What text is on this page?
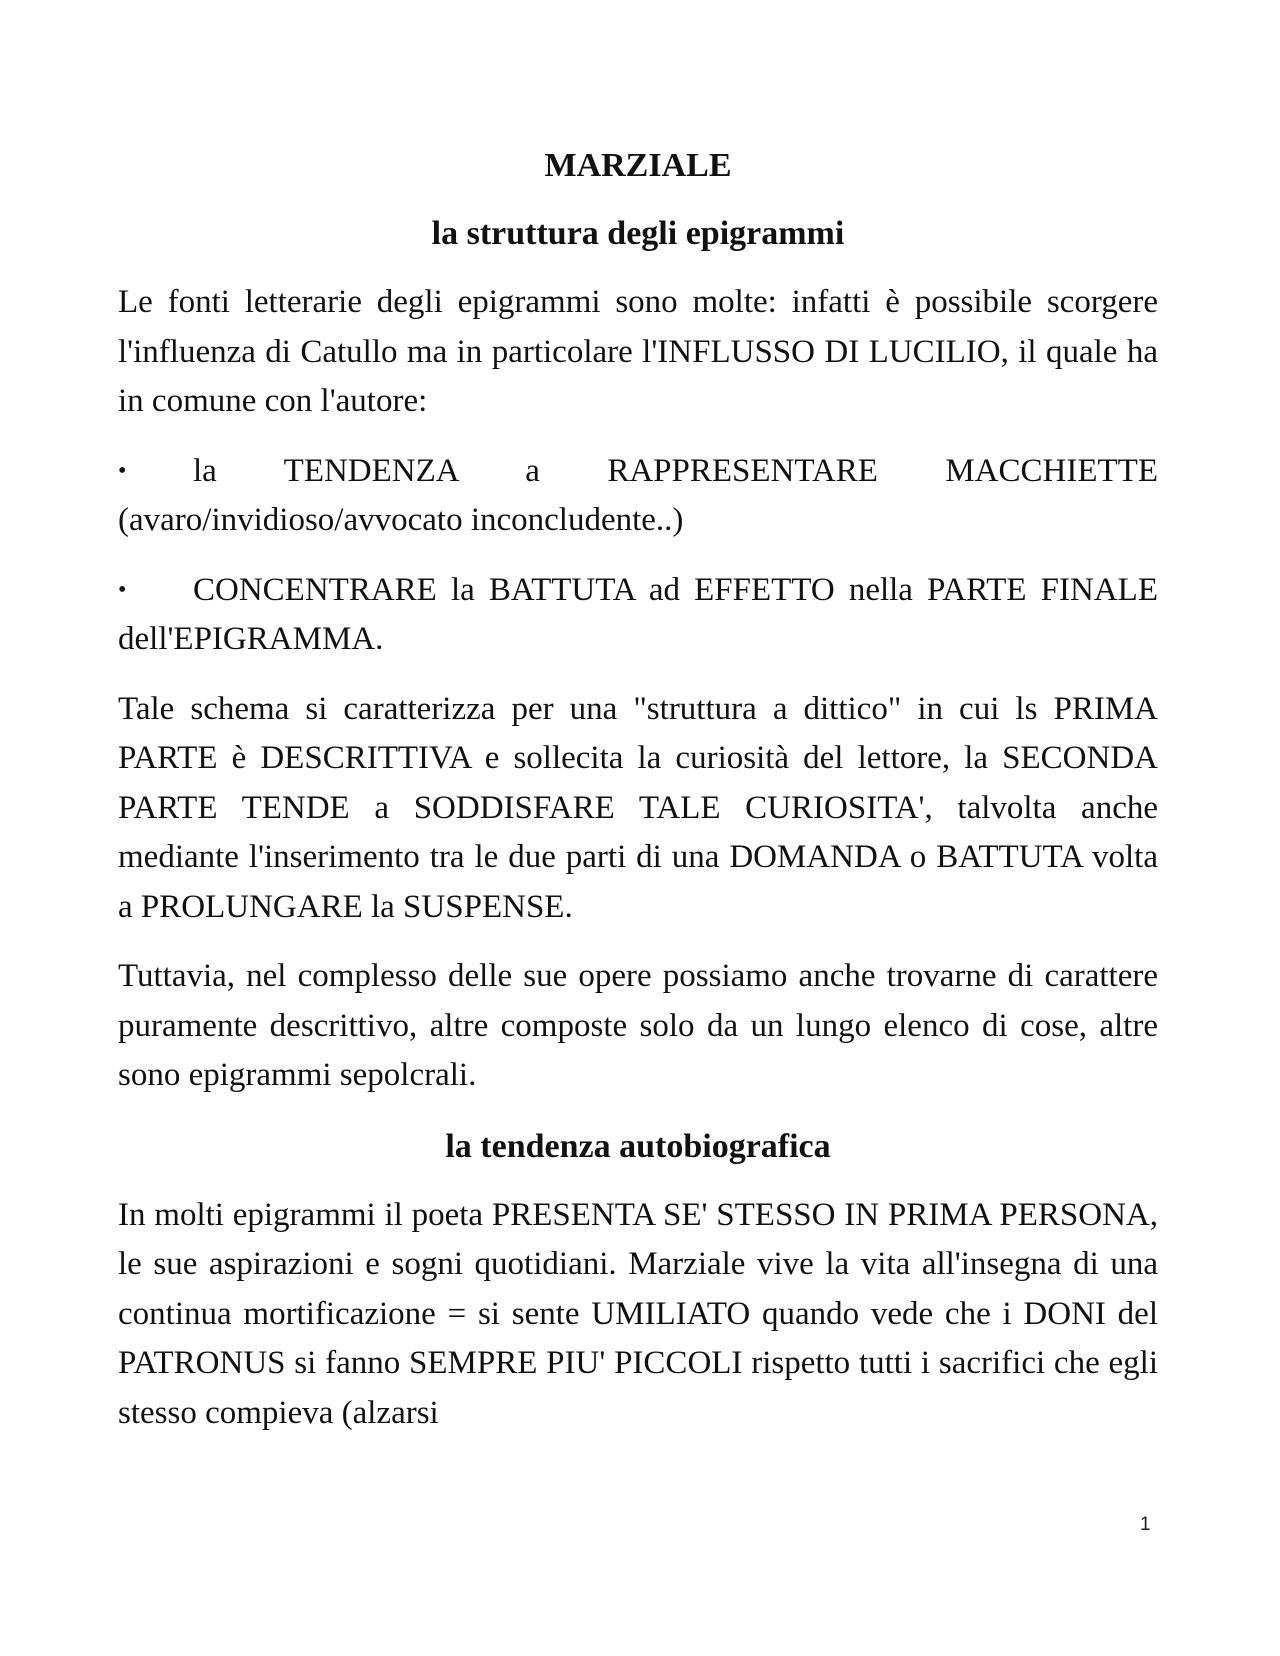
MARZIALE
la struttura degli epigrammi

Le fonti letterarie degli epigrammi sono molte: infatti è possibile scorgere l'influenza di Catullo ma in particolare l'INFLUSSO DI LUCILIO, il quale ha in comune con l'autore:

• la TENDENZA a RAPPRESENTARE MACCHIETTE (avaro/invidioso/avvocato inconcludente..)
• CONCENTRARE la BATTUTA ad EFFETTO nella PARTE FINALE dell'EPIGRAMMA.

Tale schema si caratterizza per una "struttura a dittico" in cui ls PRIMA PARTE è DESCRITTIVA e sollecita la curiosità del lettore, la SECONDA PARTE TENDE a SODDISFARE TALE CURIOSITA', talvolta anche mediante l'inserimento tra le due parti di una DOMANDA o BATTUTA volta a PROLUNGARE la SUSPENSE.

Tuttavia, nel complesso delle sue opere possiamo anche trovarne di carattere puramente descrittivo, altre composte solo da un lungo elenco di cose, altre sono epigrammi sepolcrali.

la tendenza autobiografica

In molti epigrammi il poeta PRESENTA SE' STESSO IN PRIMA PERSONA, le sue aspirazioni e sogni quotidiani. Marziale vive la vita all'insegna di una continua mortificazione = si sente UMILIATO quando vede che i DONI del PATRONUS si fanno SEMPRE PIU' PICCOLI rispetto tutti i sacrifici che egli stesso compieva (alzarsi

1
